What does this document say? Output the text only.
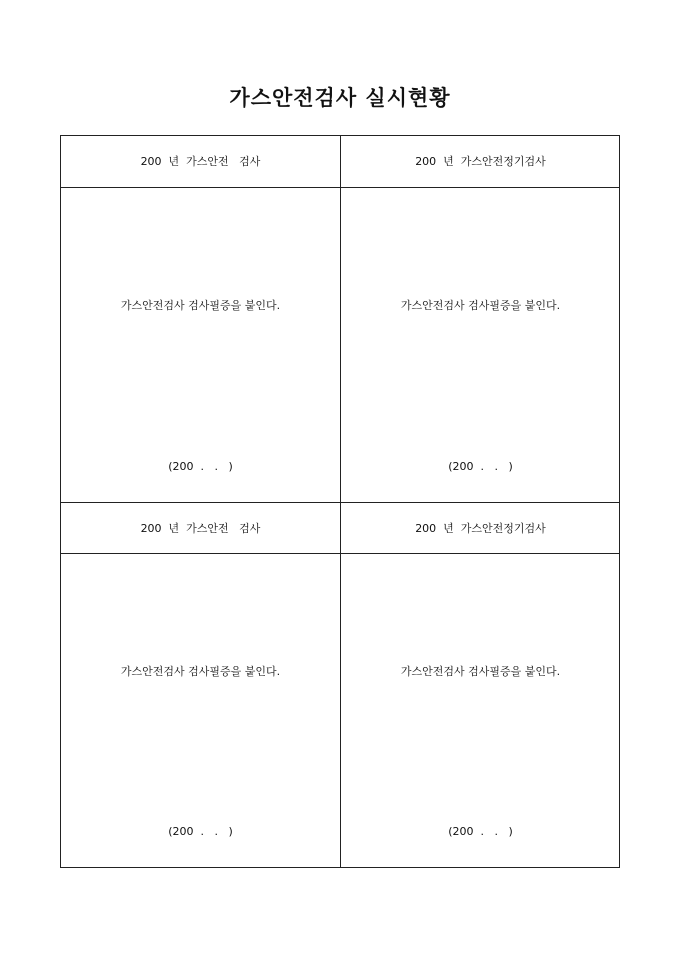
가스안전검사 실시현황
200  년  가스안전   검사
가스안전검사 검사필증을 붙인다.
(200  .   .   )
200  년  가스안전정기검사
가스안전검사 검사필증을 붙인다.
(200  .   .   )
200  년  가스안전   검사
가스안전검사 검사필증을 붙인다.
(200  .   .   )
200  년  가스안전정기검사
가스안전검사 검사필증을 붙인다.
(200  .   .   )
